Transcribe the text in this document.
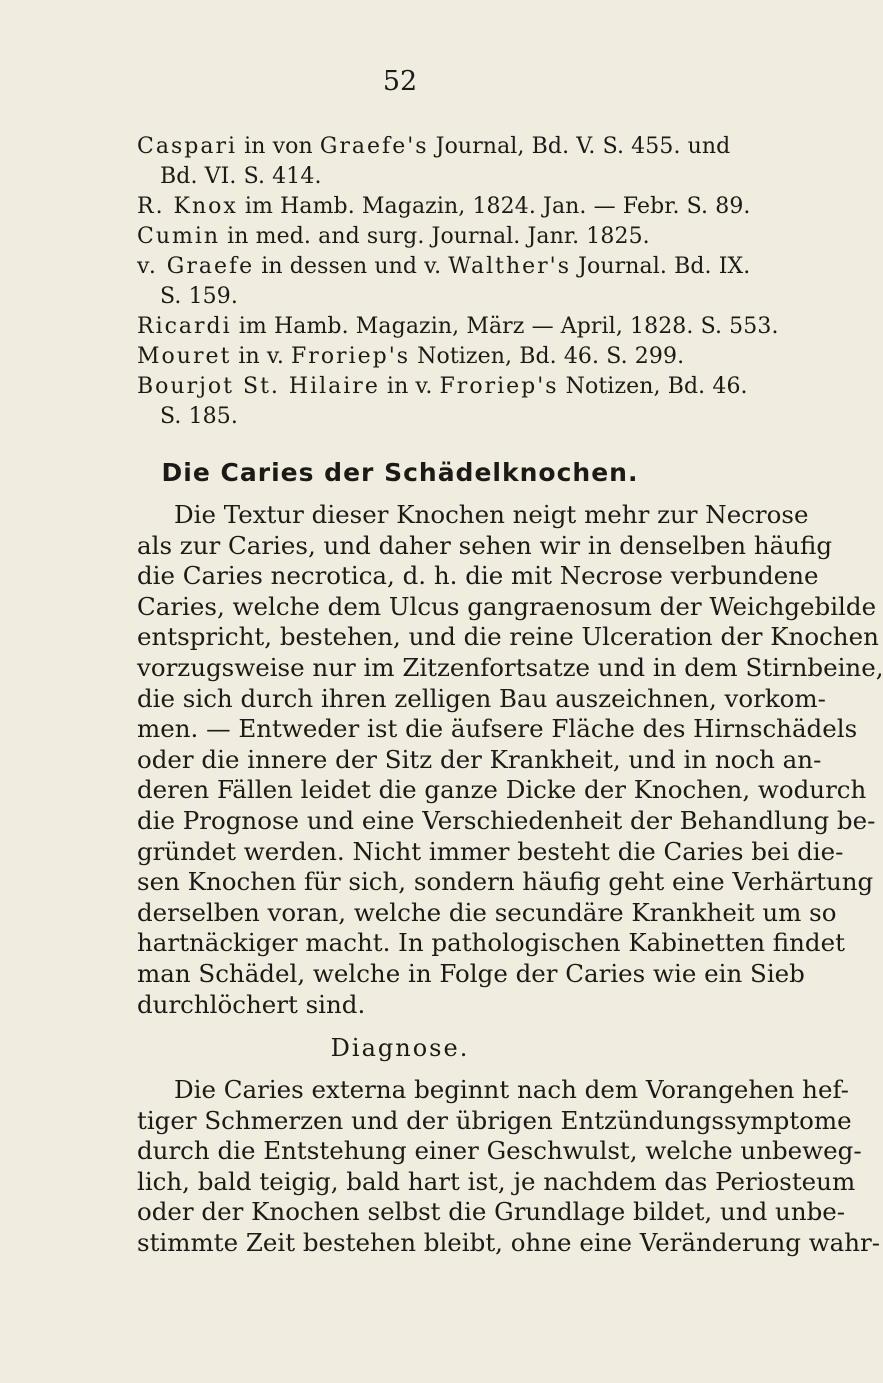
52
Caspari in von Graefe's Journal, Bd. V. S. 455. und
Bd. VI. S. 414.
R. Knox im Hamb. Magazin, 1824. Jan. — Febr. S. 89.
Cumin in med. and surg. Journal. Janr. 1825.
v. Graefe in dessen und v. Walther's Journal. Bd. IX.
S. 159.
Ricardi im Hamb. Magazin, März — April, 1828. S. 553.
Mouret in v. Froriep's Notizen, Bd. 46. S. 299.
Bourjot St. Hilaire in v. Froriep's Notizen, Bd. 46.
S. 185.
Die Caries der Schädelknochen.
Die Textur dieser Knochen neigt mehr zur Necrose
als zur Caries, und daher sehen wir in denselben häufig
die Caries necrotica, d. h. die mit Necrose verbundene
Caries, welche dem Ulcus gangraenosum der Weichgebilde
entspricht, bestehen, und die reine Ulceration der Knochen
vorzugsweise nur im Zitzenfortsatze und in dem Stirnbeine,
die sich durch ihren zelligen Bau auszeichnen, vorkom-
men. — Entweder ist die äufsere Fläche des Hirnschädels
oder die innere der Sitz der Krankheit, und in noch an-
deren Fällen leidet die ganze Dicke der Knochen, wodurch
die Prognose und eine Verschiedenheit der Behandlung be-
gründet werden. Nicht immer besteht die Caries bei die-
sen Knochen für sich, sondern häufig geht eine Verhärtung
derselben voran, welche die secundäre Krankheit um so
hartnäckiger macht. In pathologischen Kabinetten findet
man Schädel, welche in Folge der Caries wie ein Sieb
durchlöchert sind.
Diagnose.
Die Caries externa beginnt nach dem Vorangehen hef-
tiger Schmerzen und der übrigen Entzündungssymptome
durch die Entstehung einer Geschwulst, welche unbeweg-
lich, bald teigig, bald hart ist, je nachdem das Periosteum
oder der Knochen selbst die Grundlage bildet, und unbe-
stimmte Zeit bestehen bleibt, ohne eine Veränderung wahr-
